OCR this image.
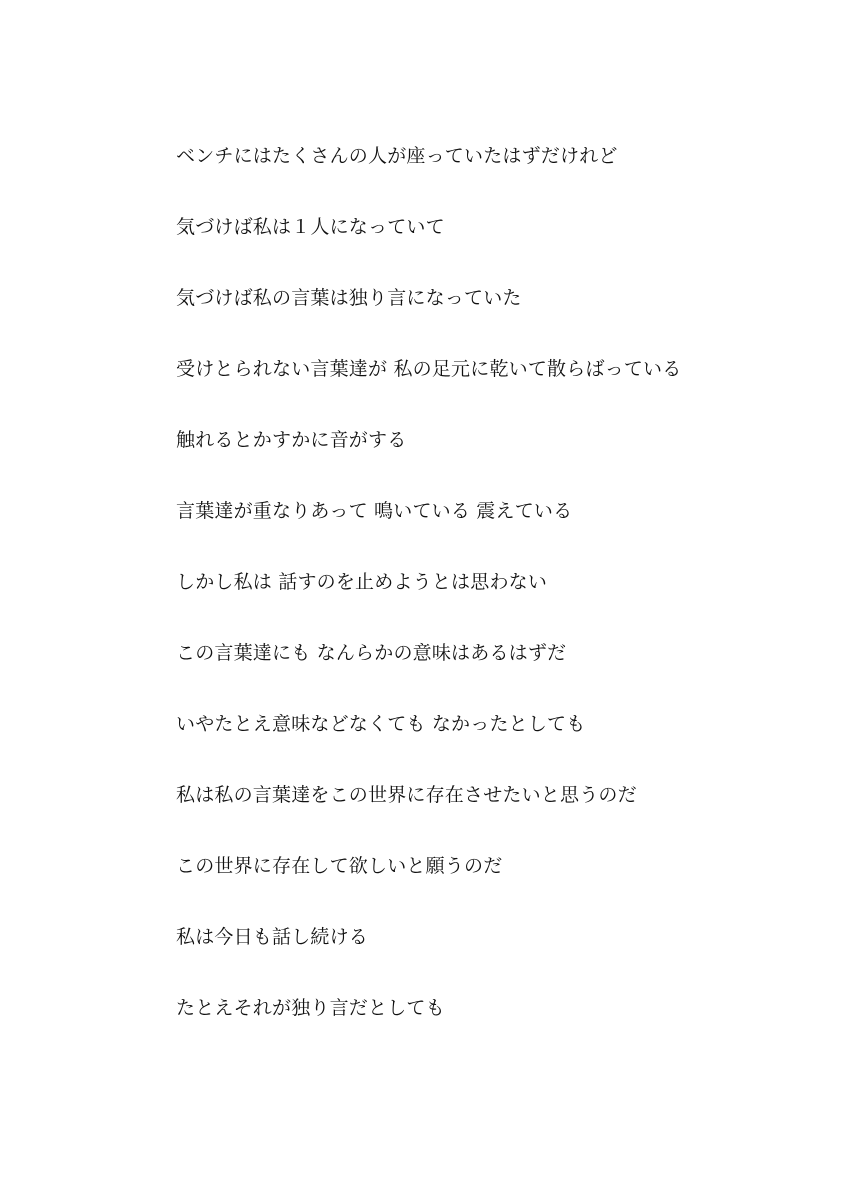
ベンチにはたくさんの人が座っていたはずだけれど
気づけば私は１人になっていて
気づけば私の言葉は独り言になっていた
受けとられない言葉達が 私の足元に乾いて散らばっている
触れるとかすかに音がする
言葉達が重なりあって 鳴いている 震えている
しかし私は 話すのを止めようとは思わない
この言葉達にも なんらかの意味はあるはずだ
いやたとえ意味などなくても なかったとしても
私は私の言葉達をこの世界に存在させたいと思うのだ
この世界に存在して欲しいと願うのだ
私は今日も話し続ける
たとえそれが独り言だとしても
